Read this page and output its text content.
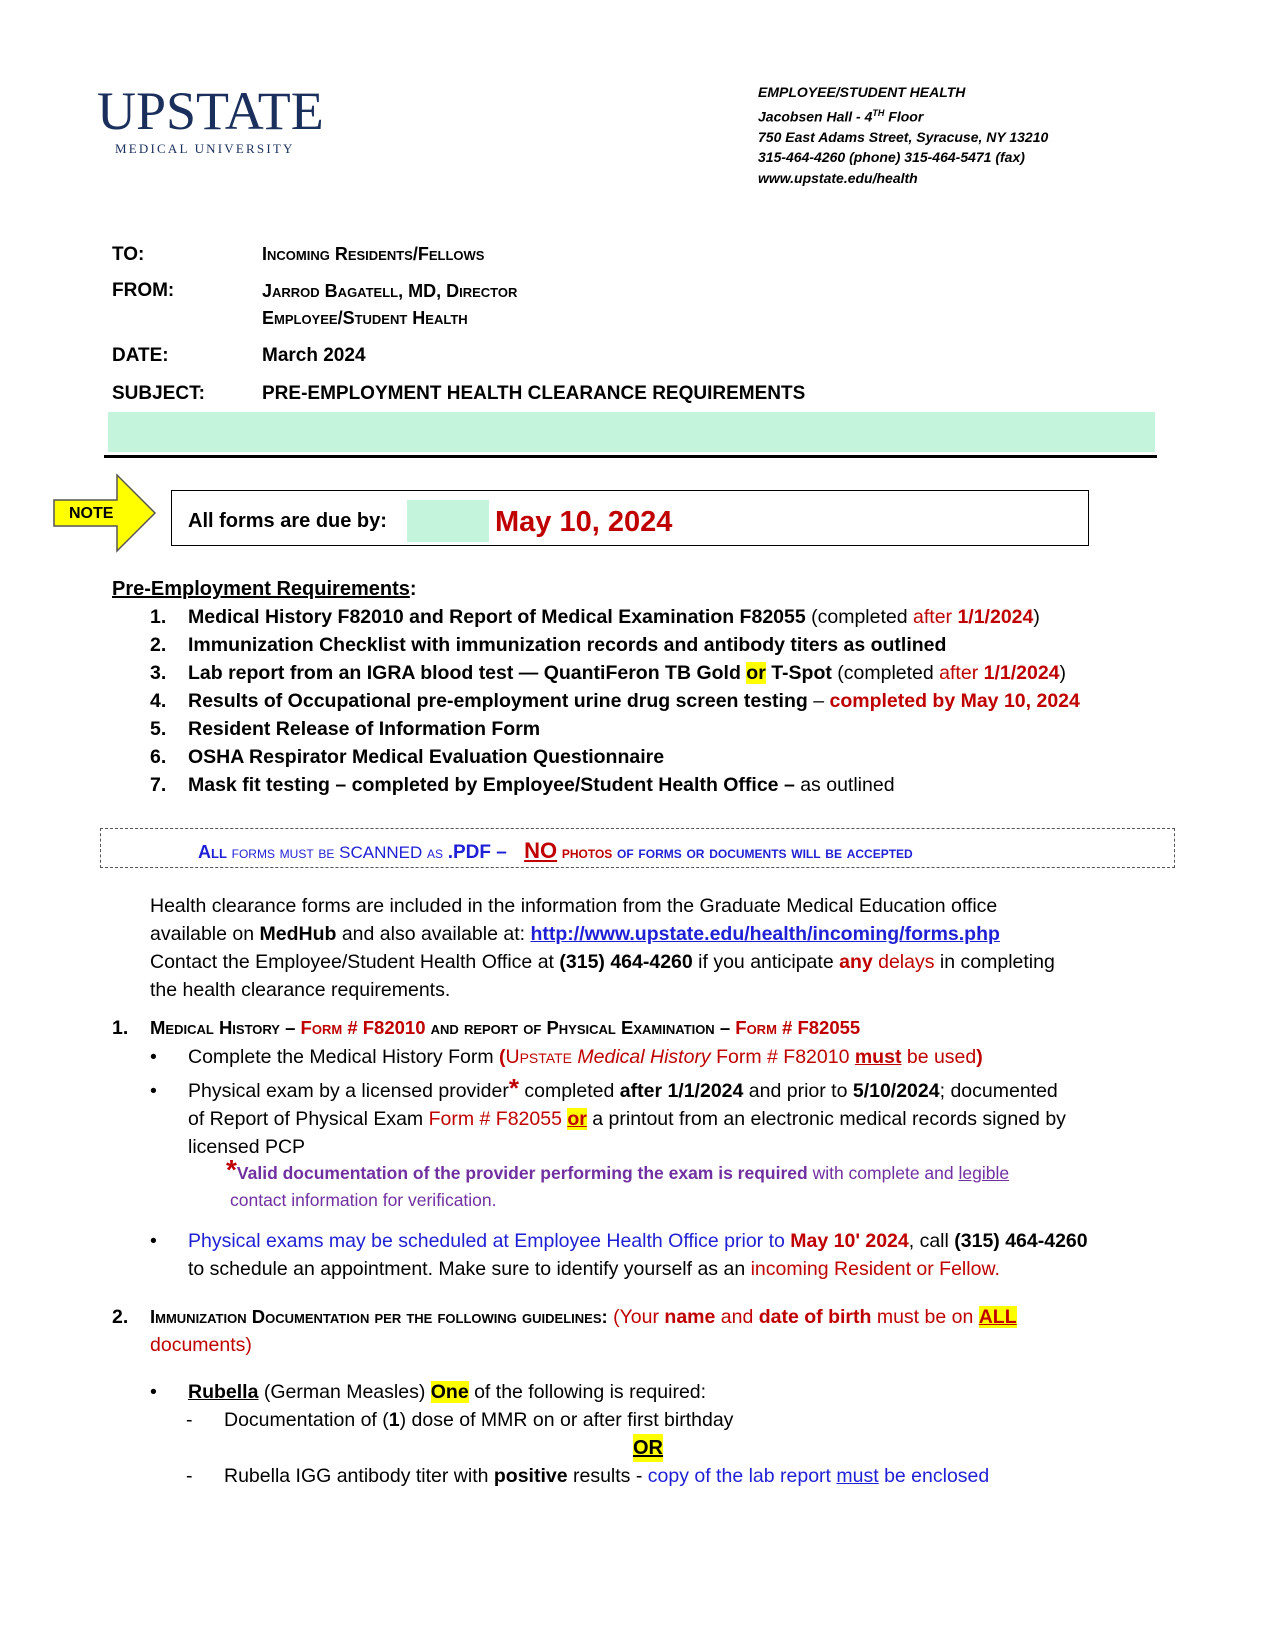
UPSTATE
MEDICAL UNIVERSITY
EMPLOYEE/STUDENT HEALTH
Jacobsen Hall - 4TH Floor
750 East Adams Street, Syracuse, NY 13210
315-464-4260 (phone) 315-464-5471 (fax)
www.upstate.edu/health
TO:	Incoming Residents/Fellows
FROM:	Jarrod Bagatell, MD, Director
Employee/Student Health
DATE:	March 2024
SUBJECT:	PRE-EMPLOYMENT HEALTH CLEARANCE REQUIREMENTS
NOTE	All forms are due by:	May 10, 2024
Pre-Employment Requirements:
1. Medical History F82010 and Report of Medical Examination F82055 (completed after 1/1/2024)
2. Immunization Checklist with immunization records and antibody titers as outlined
3. Lab report from an IGRA blood test — QuantiFeron TB Gold or T-Spot (completed after 1/1/2024)
4. Results of Occupational pre-employment urine drug screen testing – completed by May 10, 2024
5. Resident Release of Information Form
6. OSHA Respirator Medical Evaluation Questionnaire
7. Mask fit testing – completed by Employee/Student Health Office – as outlined
All forms must be SCANNED as .PDF – NO photos of forms or documents will be accepted
Health clearance forms are included in the information from the Graduate Medical Education office
available on MedHub and also available at: http://www.upstate.edu/health/incoming/forms.php
Contact the Employee/Student Health Office at (315) 464-4260 if you anticipate any delays in completing
the health clearance requirements.
1. Medical History – Form # F82010 and report of Physical Examination – Form # F82055
• Complete the Medical History Form (Upstate Medical History Form # F82010 must be used)
• Physical exam by a licensed provider* completed after 1/1/2024 and prior to 5/10/2024; documented
of Report of Physical Exam Form # F82055 or a printout from an electronic medical records signed by
licensed PCP
*Valid documentation of the provider performing the exam is required with complete and legible
contact information for verification.
• Physical exams may be scheduled at Employee Health Office prior to May 10' 2024, call (315) 464-4260
to schedule an appointment. Make sure to identify yourself as an incoming Resident or Fellow.
2. Immunization Documentation per the following guidelines: (Your name and date of birth must be on ALL
documents)
• Rubella (German Measles) One of the following is required:
- Documentation of (1) dose of MMR on or after first birthday
OR
- Rubella IGG antibody titer with positive results - copy of the lab report must be enclosed
